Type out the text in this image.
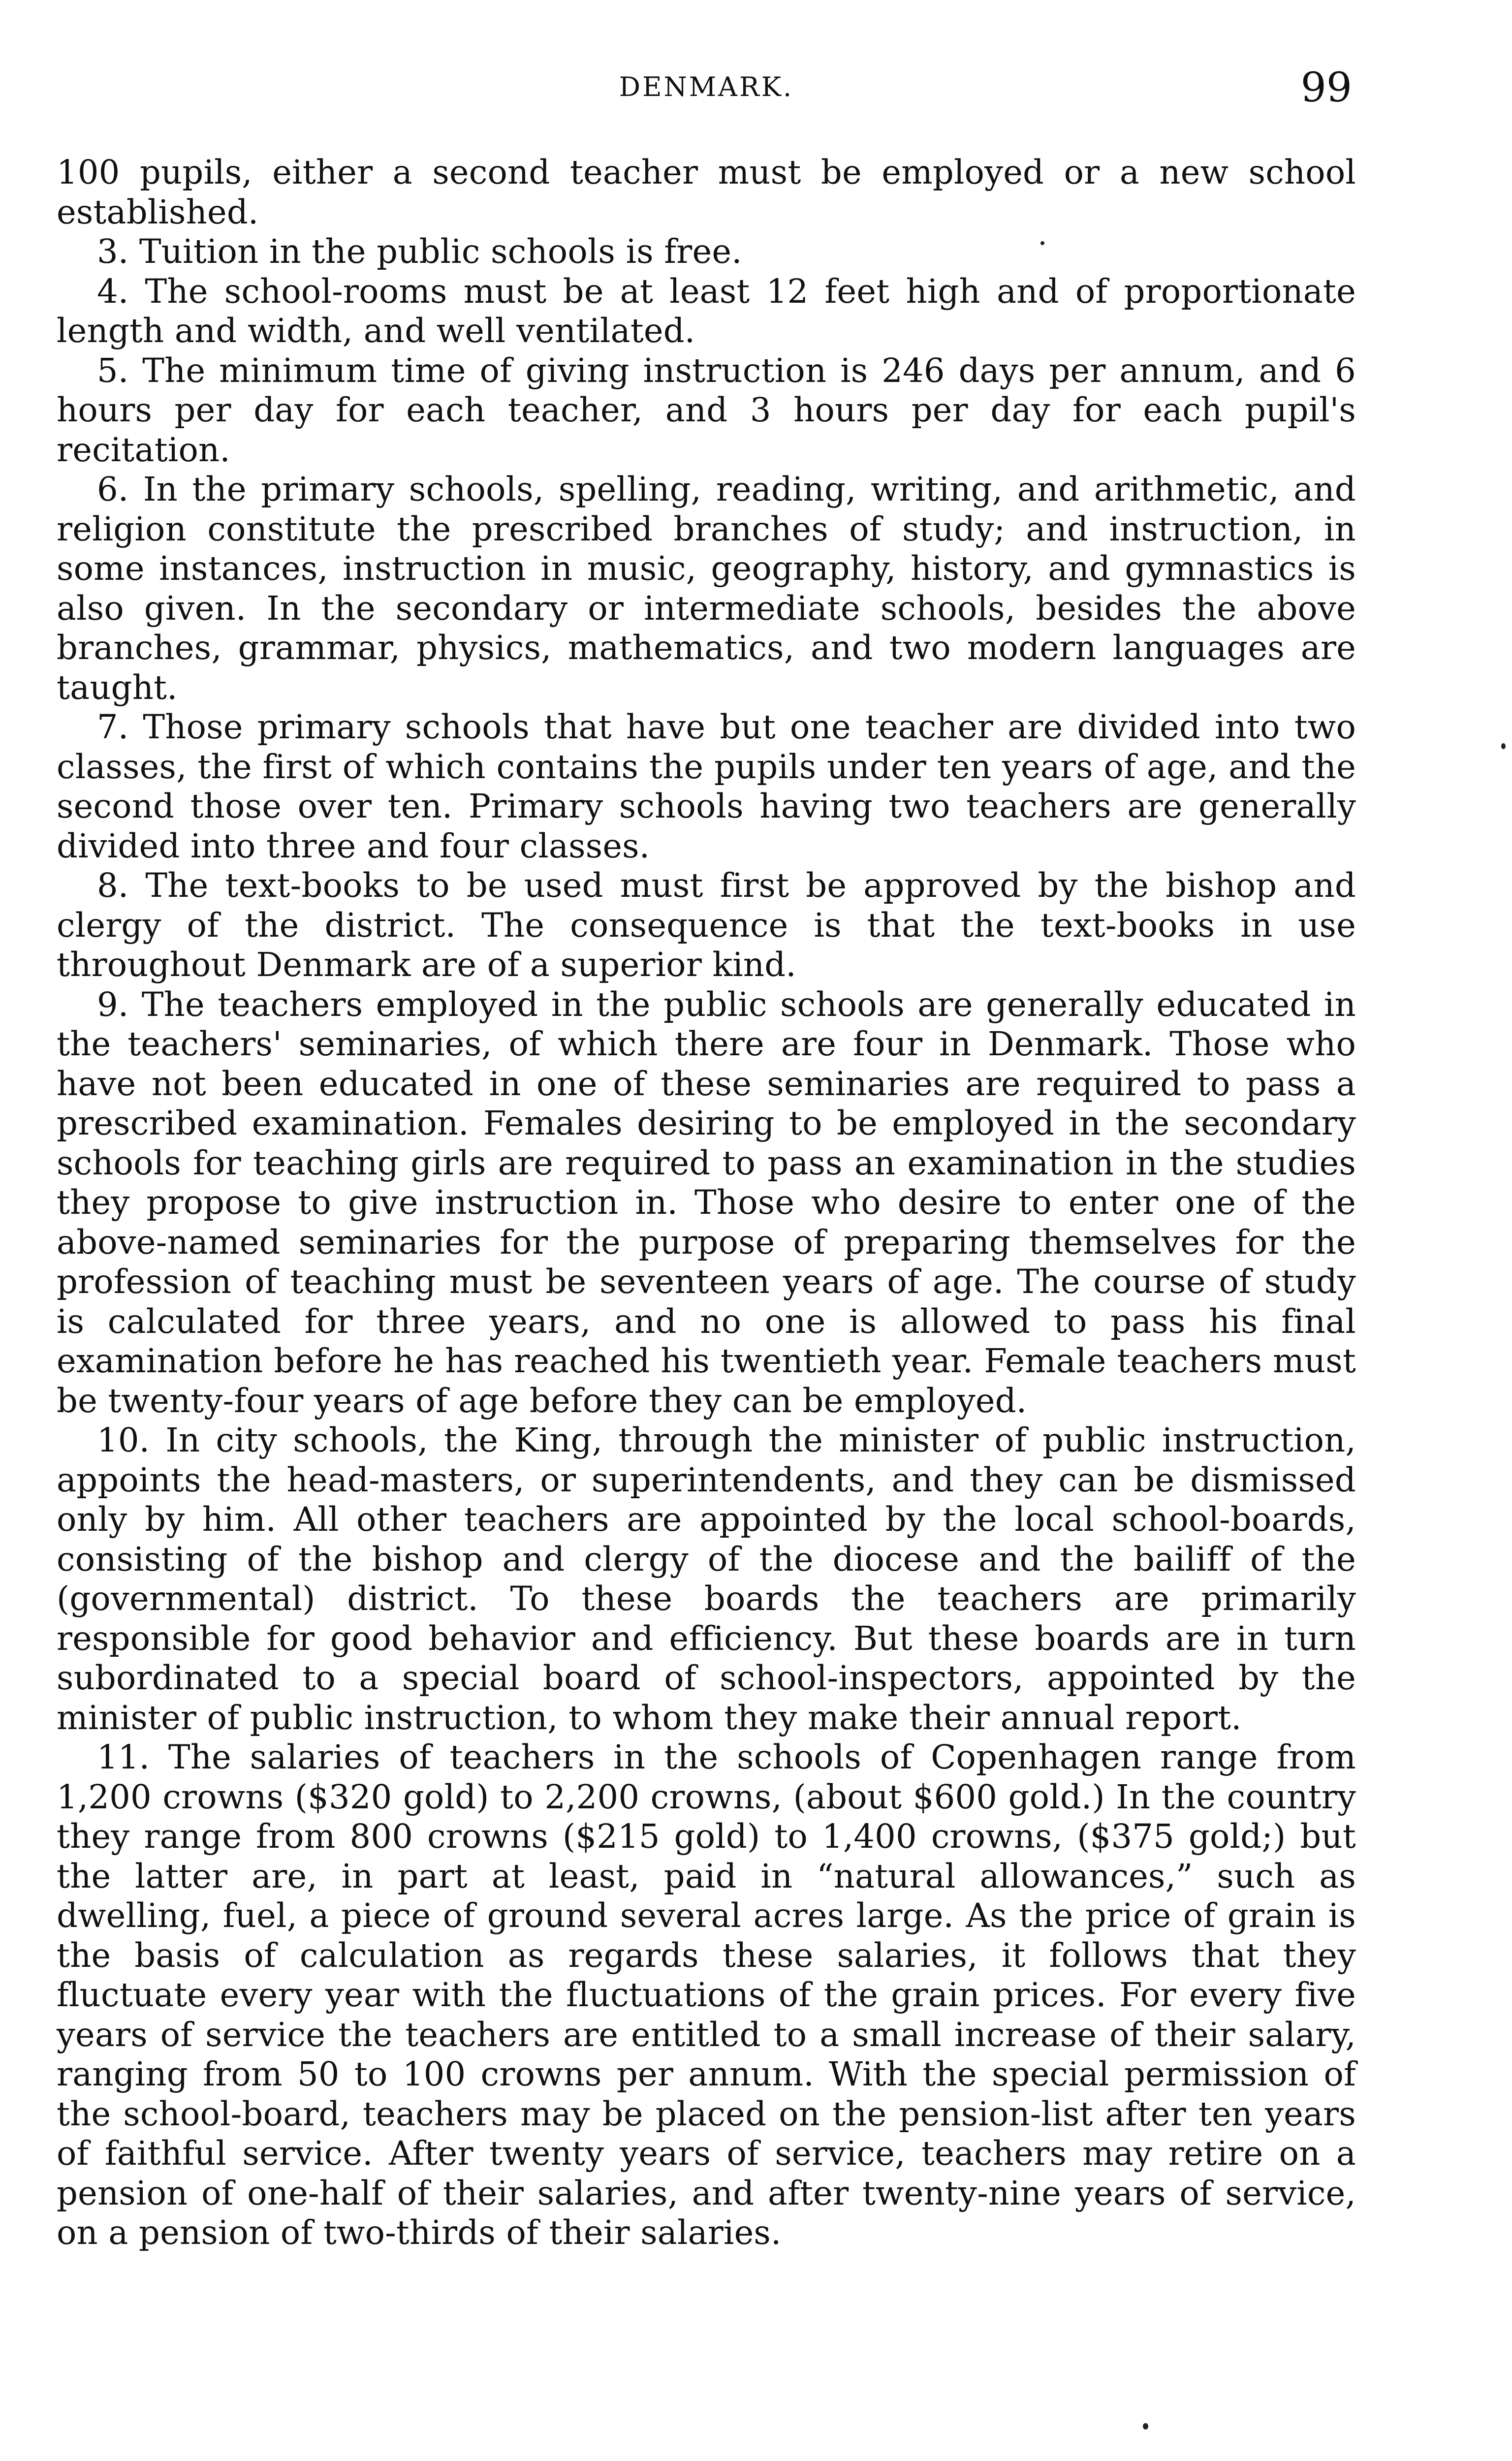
DENMARK.	99

100 pupils, either a second teacher must be employed or a new school established.

3. Tuition in the public schools is free.

4. The school-rooms must be at least 12 feet high and of proportionate length and width, and well ventilated.

5. The minimum time of giving instruction is 246 days per annum, and 6 hours per day for each teacher, and 3 hours per day for each pupil's recitation.

6. In the primary schools, spelling, reading, writing, and arithmetic, and religion constitute the prescribed branches of study; and instruction, in some instances, instruction in music, geography, history, and gymnastics is also given. In the secondary or intermediate schools, besides the above branches, grammar, physics, mathematics, and two modern languages are taught.

7. Those primary schools that have but one teacher are divided into two classes, the first of which contains the pupils under ten years of age, and the second those over ten. Primary schools having two teachers are generally divided into three and four classes.

8. The text-books to be used must first be approved by the bishop and clergy of the district. The consequence is that the text-books in use throughout Denmark are of a superior kind.

9. The teachers employed in the public schools are generally educated in the teachers' seminaries, of which there are four in Denmark. Those who have not been educated in one of these seminaries are required to pass a prescribed examination. Females desiring to be employed in the secondary schools for teaching girls are required to pass an examination in the studies they propose to give instruction in. Those who desire to enter one of the above-named seminaries for the purpose of preparing themselves for the profession of teaching must be seventeen years of age. The course of study is calculated for three years, and no one is allowed to pass his final examination before he has reached his twentieth year. Female teachers must be twenty-four years of age before they can be employed.

10. In city schools, the King, through the minister of public instruction, appoints the head-masters, or superintendents, and they can be dismissed only by him. All other teachers are appointed by the local school-boards, consisting of the bishop and clergy of the diocese and the bailiff of the (governmental) district. To these boards the teachers are primarily responsible for good behavior and efficiency. But these boards are in turn subordinated to a special board of school-inspectors, appointed by the minister of public instruction, to whom they make their annual report.

11. The salaries of teachers in the schools of Copenhagen range from 1,200 crowns ($320 gold) to 2,200 crowns, (about $600 gold.) In the country they range from 800 crowns ($215 gold) to 1,400 crowns, ($375 gold;) but the latter are, in part at least, paid in “natural allowances,” such as dwelling, fuel, a piece of ground several acres large. As the price of grain is the basis of calculation as regards these salaries, it follows that they fluctuate every year with the fluctuations of the grain prices. For every five years of service the teachers are entitled to a small increase of their salary, ranging from 50 to 100 crowns per annum. With the special permission of the school-board, teachers may be placed on the pension-list after ten years of faithful service. After twenty years of service, teachers may retire on a pension of one-half of their salaries, and after twenty-nine years of service, on a pension of two-thirds of their salaries.
